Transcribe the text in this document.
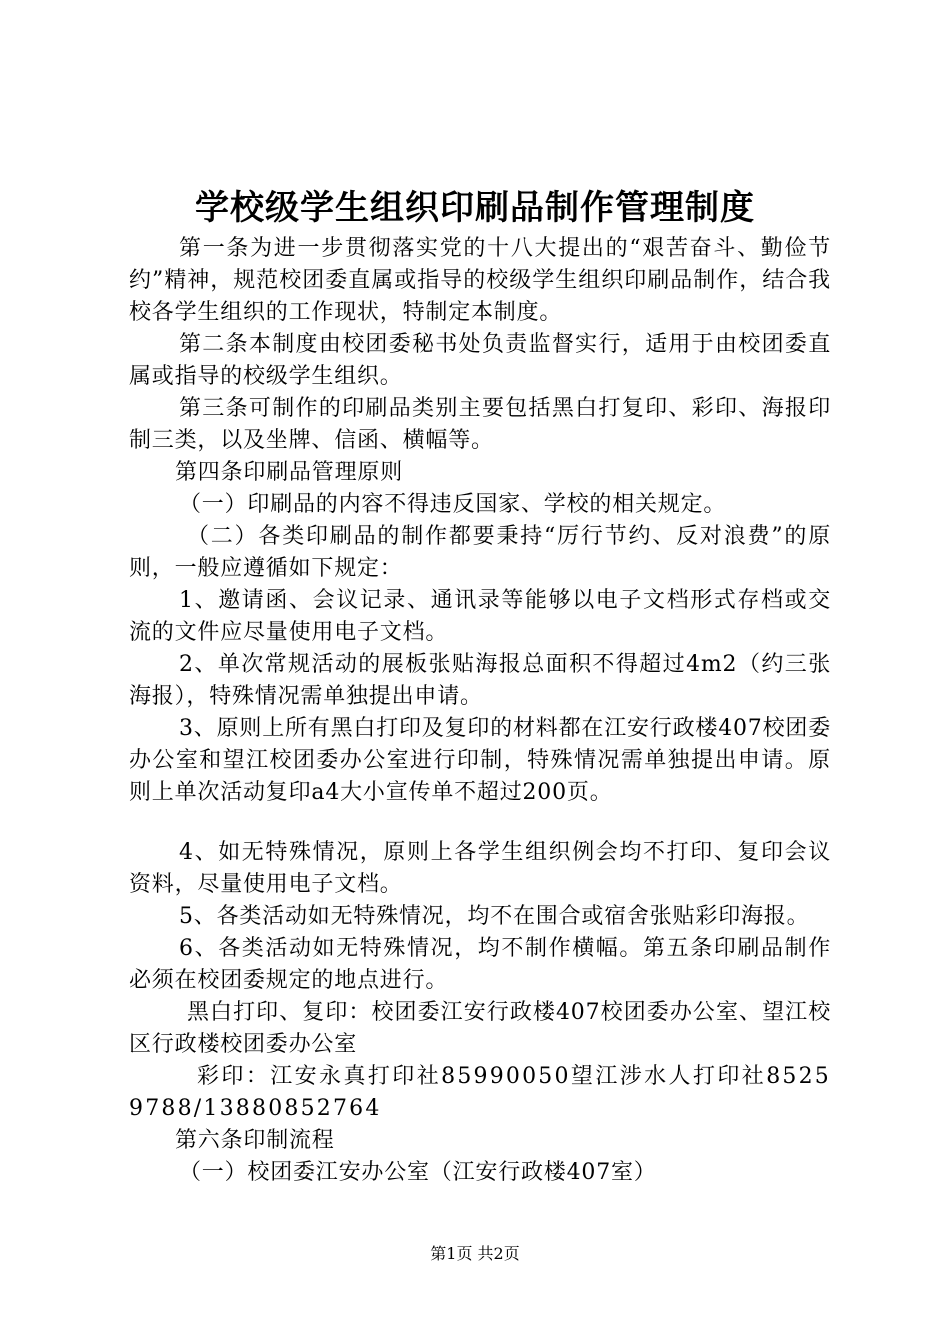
学校级学生组织印刷品制作管理制度

第一条为进一步贯彻落实党的十八大提出的“艰苦奋斗、勤俭节约”精神，规范校团委直属或指导的校级学生组织印刷品制作，结合我校各学生组织的工作现状，特制定本制度。

第二条本制度由校团委秘书处负责监督实行，适用于由校团委直属或指导的校级学生组织。

第三条可制作的印刷品类别主要包括黑白打复印、彩印、海报印制三类，以及坐牌、信函、横幅等。

第四条印刷品管理原则

（一）印刷品的内容不得违反国家、学校的相关规定。

（二）各类印刷品的制作都要秉持“厉行节约、反对浪费”的原则，一般应遵循如下规定：

1、邀请函、会议记录、通讯录等能够以电子文档形式存档或交流的文件应尽量使用电子文档。

2、单次常规活动的展板张贴海报总面积不得超过4m2（约三张海报），特殊情况需单独提出申请。

3、原则上所有黑白打印及复印的材料都在江安行政楼407校团委办公室和望江校团委办公室进行印制，特殊情况需单独提出申请。原则上单次活动复印a4大小宣传单不超过200页。

4、如无特殊情况，原则上各学生组织例会均不打印、复印会议资料，尽量使用电子文档。

5、各类活动如无特殊情况，均不在围合或宿舍张贴彩印海报。

6、各类活动如无特殊情况，均不制作横幅。第五条印刷品制作必须在校团委规定的地点进行。

黑白打印、复印：校团委江安行政楼407校团委办公室、望江校区行政楼校团委办公室

彩印：江安永真打印社85990050望江涉水人打印社85259788/13880852764

第六条印制流程

（一）校团委江安办公室（江安行政楼407室）

第1页 共2页
